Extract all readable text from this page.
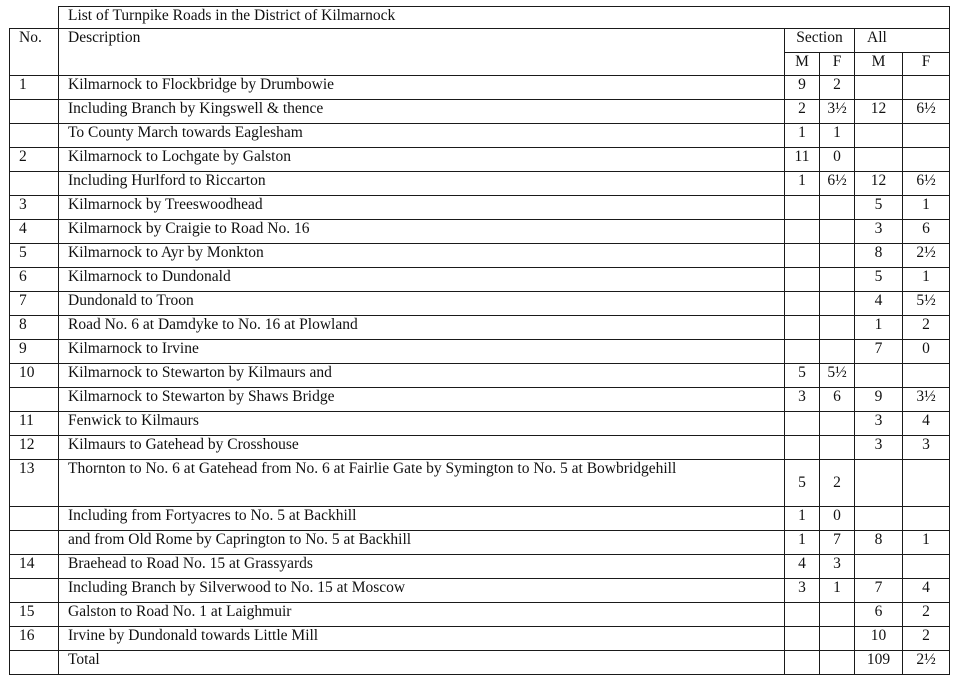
	List of Turnpike Roads in the District of Kilmarnock				
No.	Description	Section		All	
		M	F	M	F
1	Kilmarnock to Flockbridge by Drumbowie	9	2		
	Including Branch by Kingswell & thence	2	3½	12	6½
	To County March towards Eaglesham	1	1		
2	Kilmarnock to Lochgate by Galston	11	0		
	Including Hurlford to Riccarton	1	6½	12	6½
3	Kilmarnock by Treeswoodhead			5	1
4	Kilmarnock by Craigie to Road No. 16			3	6
5	Kilmarnock to Ayr by Monkton			8	2½
6	Kilmarnock to Dundonald			5	1
7	Dundonald to Troon			4	5½
8	Road No. 6 at Damdyke to No. 16 at Plowland			1	2
9	Kilmarnock to Irvine			7	0
10	Kilmarnock to Stewarton by Kilmaurs and	5	5½		
	Kilmarnock to Stewarton by Shaws Bridge	3	6	9	3½
11	Fenwick to Kilmaurs			3	4
12	Kilmaurs to Gatehead by Crosshouse			3	3
13	Thornton to No. 6 at Gatehead from No. 6 at Fairlie Gate by Symington to No. 5 at Bowbridgehill	5	2		
	Including from Fortyacres to No. 5 at Backhill	1	0		
	and from Old Rome by Caprington to No. 5 at Backhill	1	7	8	1
14	Braehead to Road No. 15 at Grassyards	4	3		
	Including Branch by Silverwood to No. 15 at Moscow	3	1	7	4
15	Galston to Road No. 1 at Laighmuir			6	2
16	Irvine by Dundonald towards Little Mill			10	2
	Total			109	2½
